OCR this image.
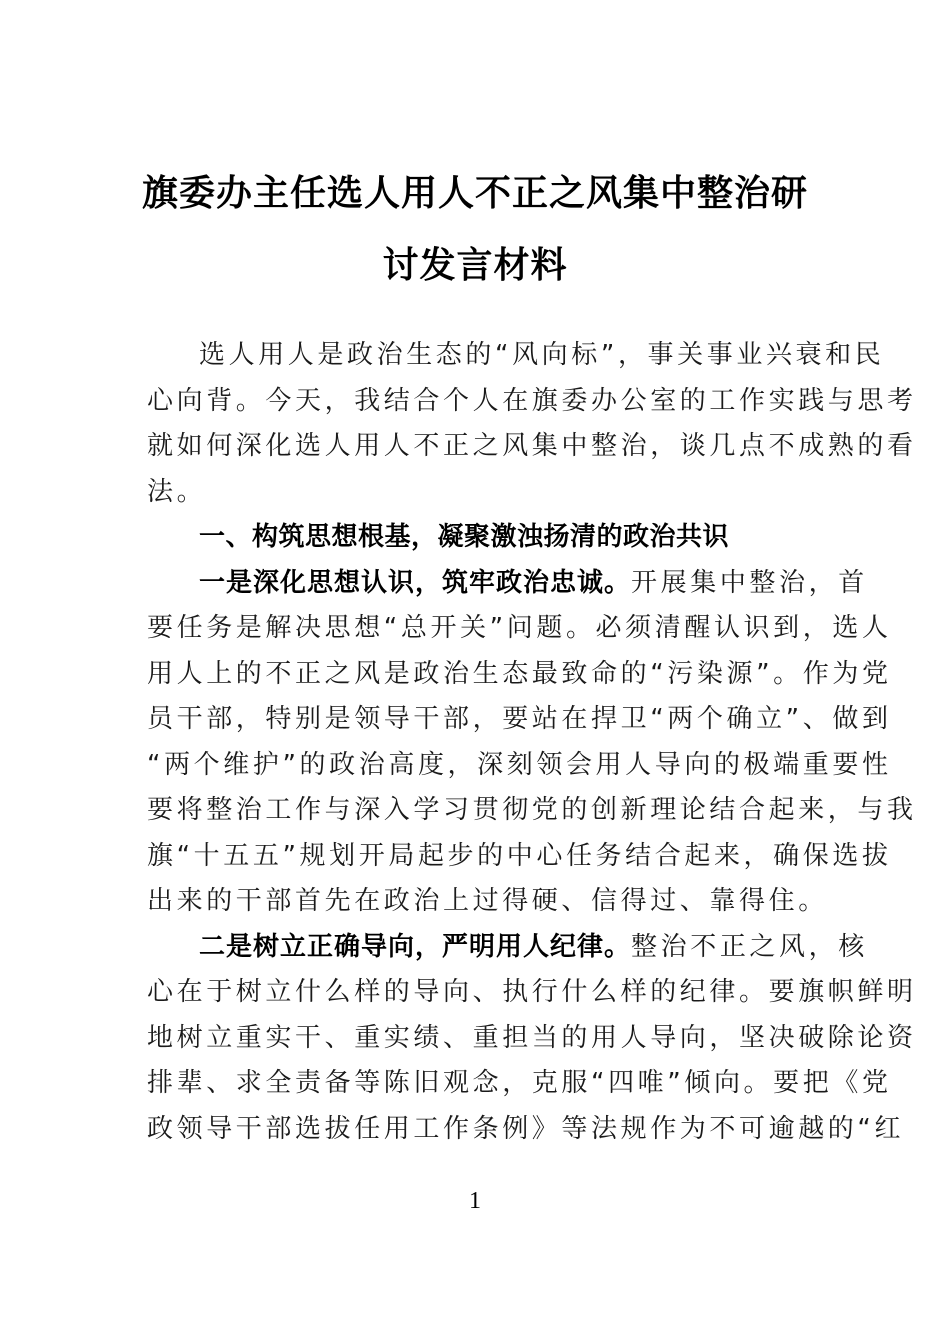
旗委办主任选人用人不正之风集中整治研
讨发言材料
选人用人是政治生态的“风向标”，事关事业兴衰和民
心向背。今天，我结合个人在旗委办公室的工作实践与思考
就如何深化选人用人不正之风集中整治，谈几点不成熟的看
法。
一、构筑思想根基，凝聚激浊扬清的政治共识
一是深化思想认识，筑牢政治忠诚。开展集中整治，首
要任务是解决思想“总开关”问题。必须清醒认识到，选人
用人上的不正之风是政治生态最致命的“污染源”。作为党
员干部，特别是领导干部，要站在捍卫“两个确立”、做到
“两个维护”的政治高度，深刻领会用人导向的极端重要性
要将整治工作与深入学习贯彻党的创新理论结合起来，与我
旗“十五五”规划开局起步的中心任务结合起来，确保选拔
出来的干部首先在政治上过得硬、信得过、靠得住。
二是树立正确导向，严明用人纪律。整治不正之风，核
心在于树立什么样的导向、执行什么样的纪律。要旗帜鲜明
地树立重实干、重实绩、重担当的用人导向，坚决破除论资
排辈、求全责备等陈旧观念，克服“四唯”倾向。要把《党
政领导干部选拔任用工作条例》等法规作为不可逾越的“红
1
